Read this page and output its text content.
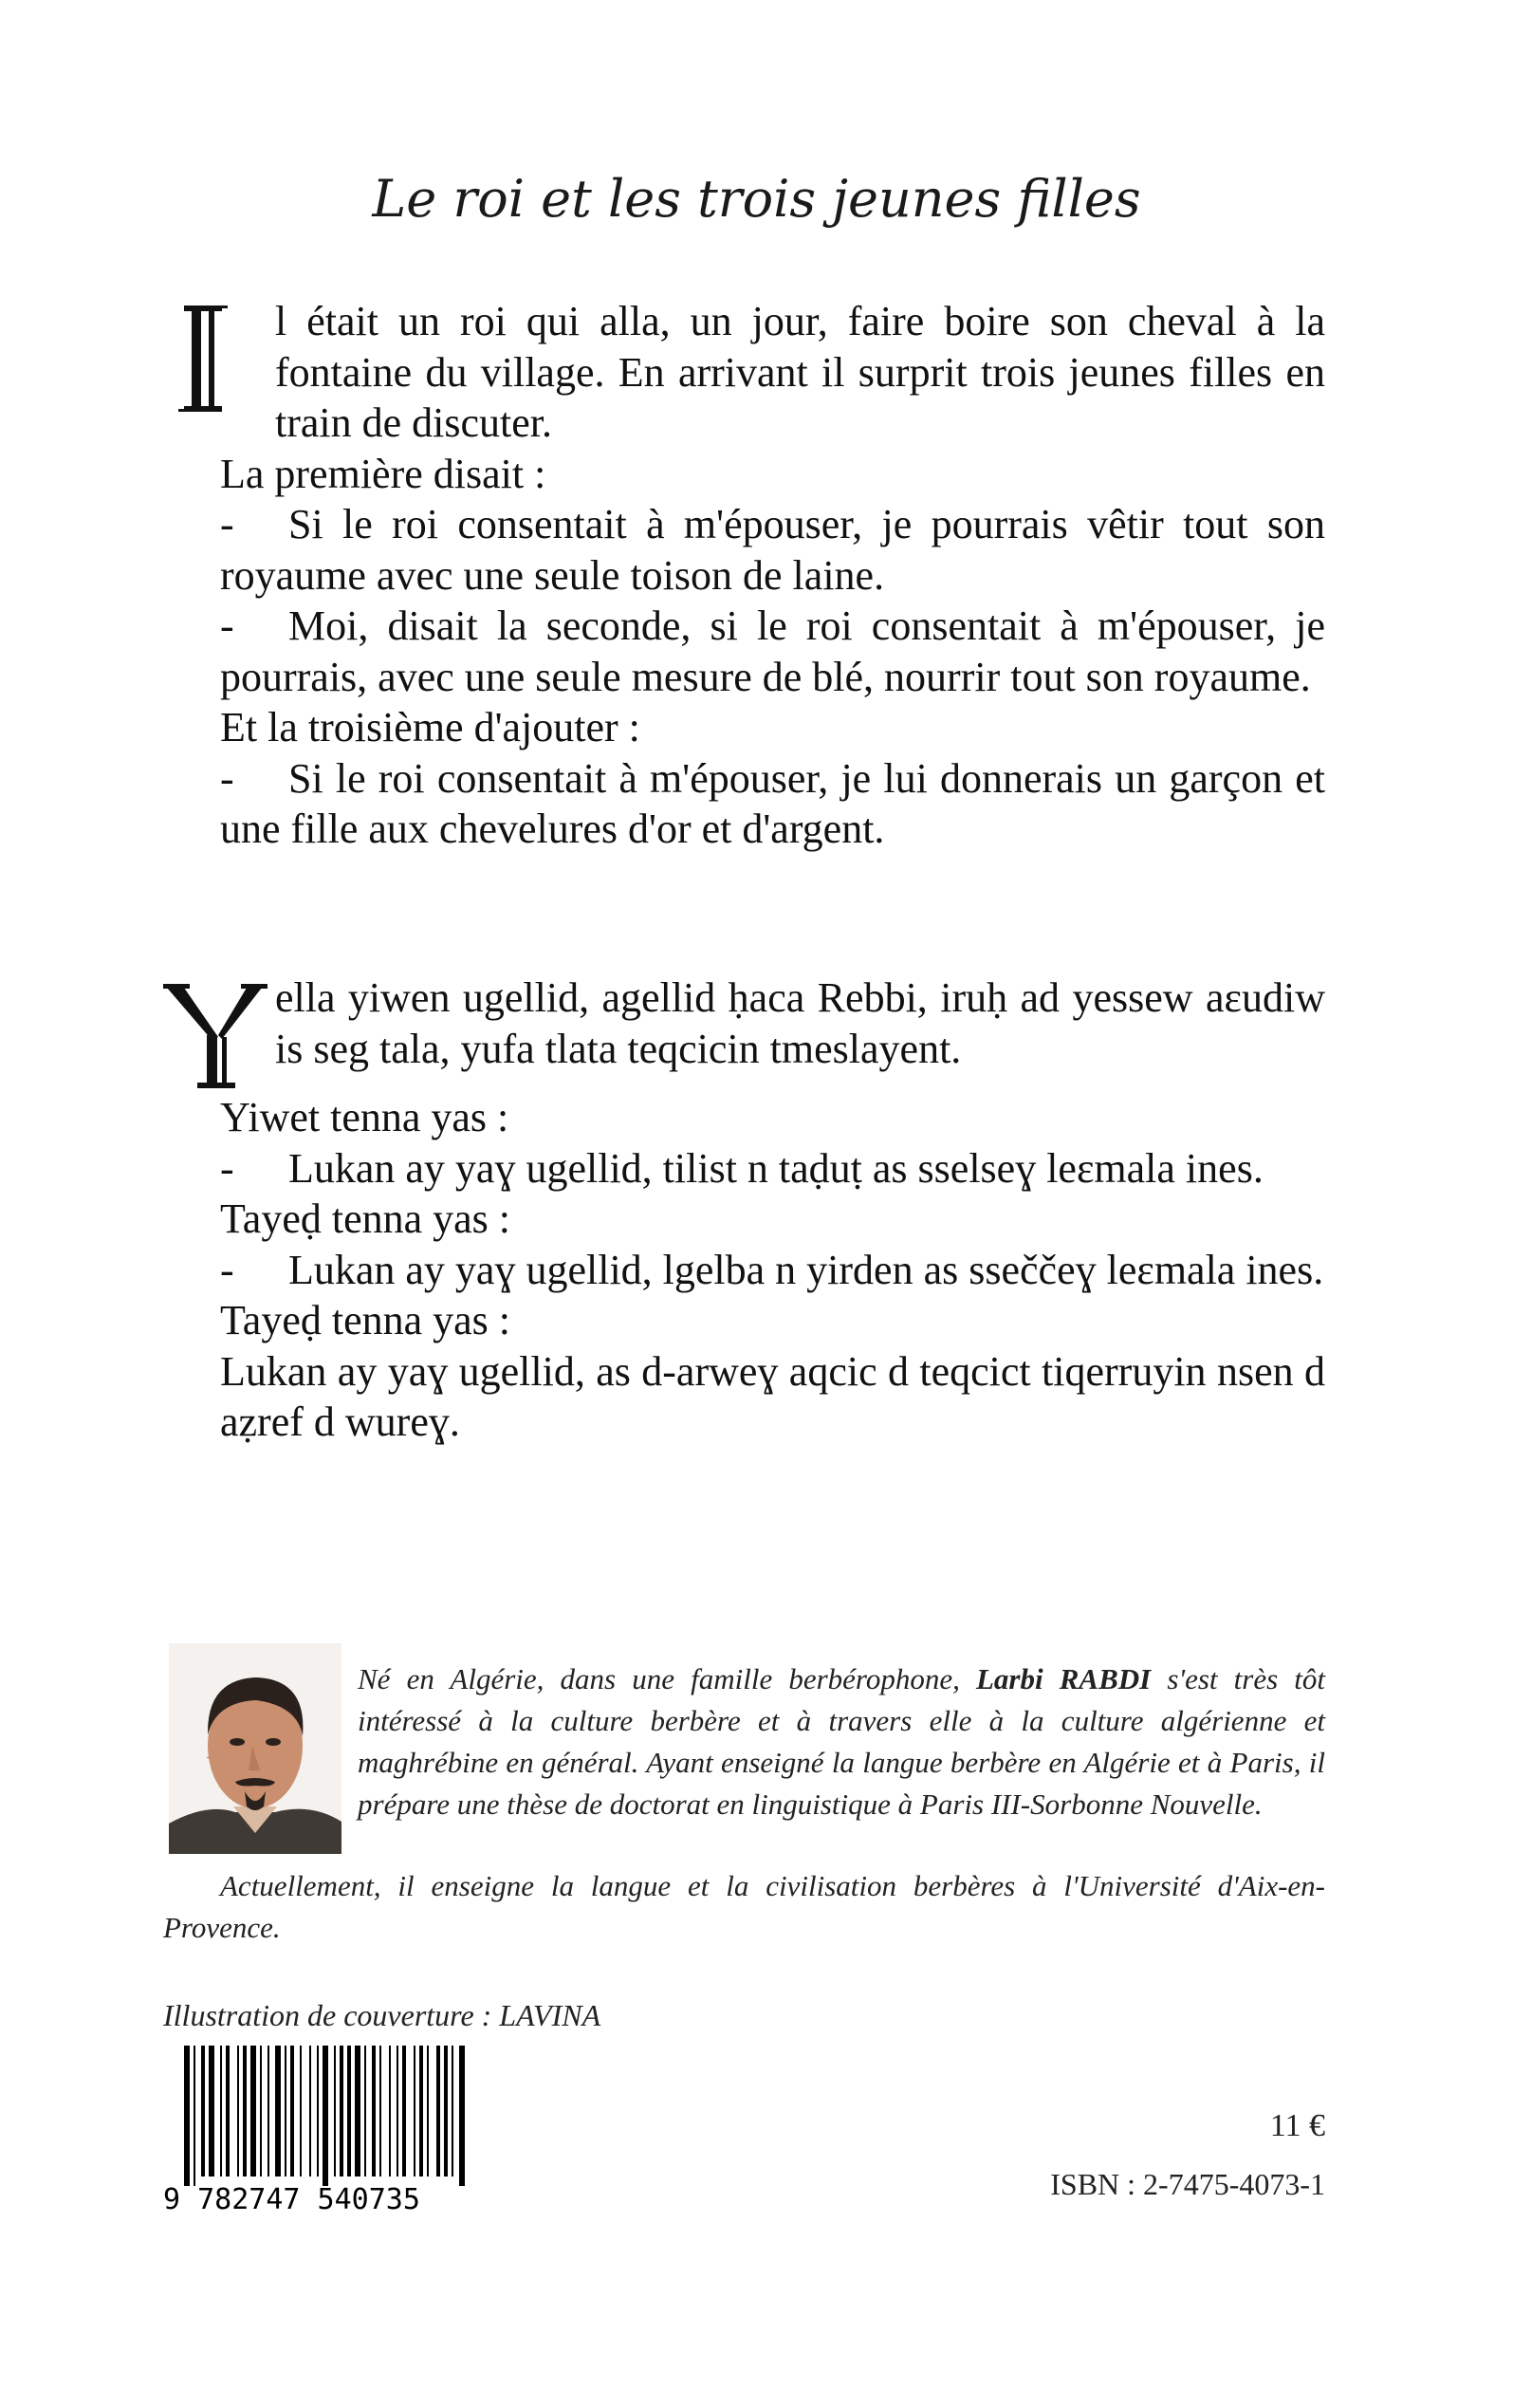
Le roi et les trois jeunes filles
I	l était un roi qui alla, un jour, faire boire son cheval à la fontaine du village. En arrivant il surprit trois jeunes filles en train de discuter.

La première disait :

- Si le roi consentait à m'épouser, je pourrais vêtir tout son royaume avec une seule toison de laine.

- Moi, disait la seconde, si le roi consentait à m'épouser, je pourrais, avec une seule mesure de blé, nourrir tout son royaume.

Et la troisième d'ajouter :

- Si le roi consentait à m'épouser, je lui donnerais un garçon et une fille aux chevelures d'or et d'argent.

ella yiwen ugellid, agellid ḥaca Rebbi, iruḥ ad yessew aɛudiw is seg tala, yufa tlata teqcicin tmeslayent.

Yiwet tenna yas :

- Lukan ay yaɣ ugellid, tilist n taḍuṭ as sselseɣ leɛmala ines.

Tayeḍ tenna yas :

- Lukan ay yaɣ ugellid, lgelba n yirden as sseččeɣ leɛmala ines.

Tayeḍ tenna yas :

Lukan ay yaɣ ugellid, as d-arweɣ aqcic d teqcict tiqerruyin nsen d aẓref d wureɣ.

Né en Algérie, dans une famille berbérophone, Larbi RABDI s'est très tôt intéressé à la culture berbère et à travers elle à la culture algérienne et maghrébine en général. Ayant enseigné la langue berbère en Algérie et à Paris, il prépare une thèse de doctorat en linguistique à Paris III-Sorbonne Nouvelle.
Actuellement, il enseigne la langue et la civilisation berbères à l'Université d'Aix-en-Provence.
Illustration de couverture : LAVINA
9 782747 540735
11 €
ISBN : 2-7475-4073-1
